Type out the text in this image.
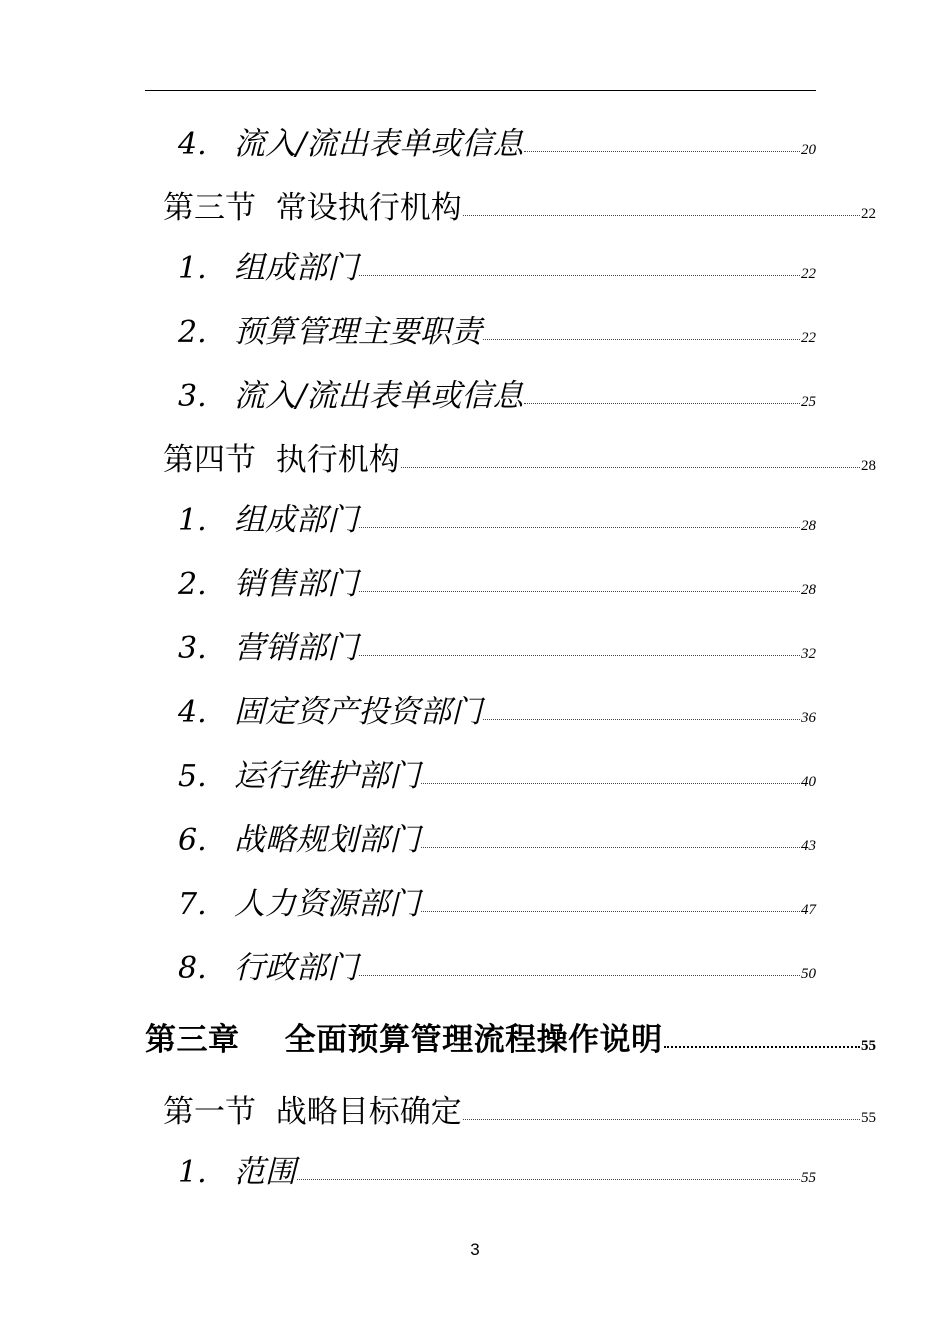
4. 流入/流出表单或信息	20
第三节  常设执行机构	22
1. 组成部门	22
2. 预算管理主要职责	22
3. 流入/流出表单或信息	25
第四节  执行机构	28
1. 组成部门	28
2. 销售部门	28
3. 营销部门	32
4. 固定资产投资部门	36
5. 运行维护部门	40
6. 战略规划部门	43
7. 人力资源部门	47
8. 行政部门	50
第三章    全面预算管理流程操作说明	55
第一节  战略目标确定	55
1. 范围	55
3
